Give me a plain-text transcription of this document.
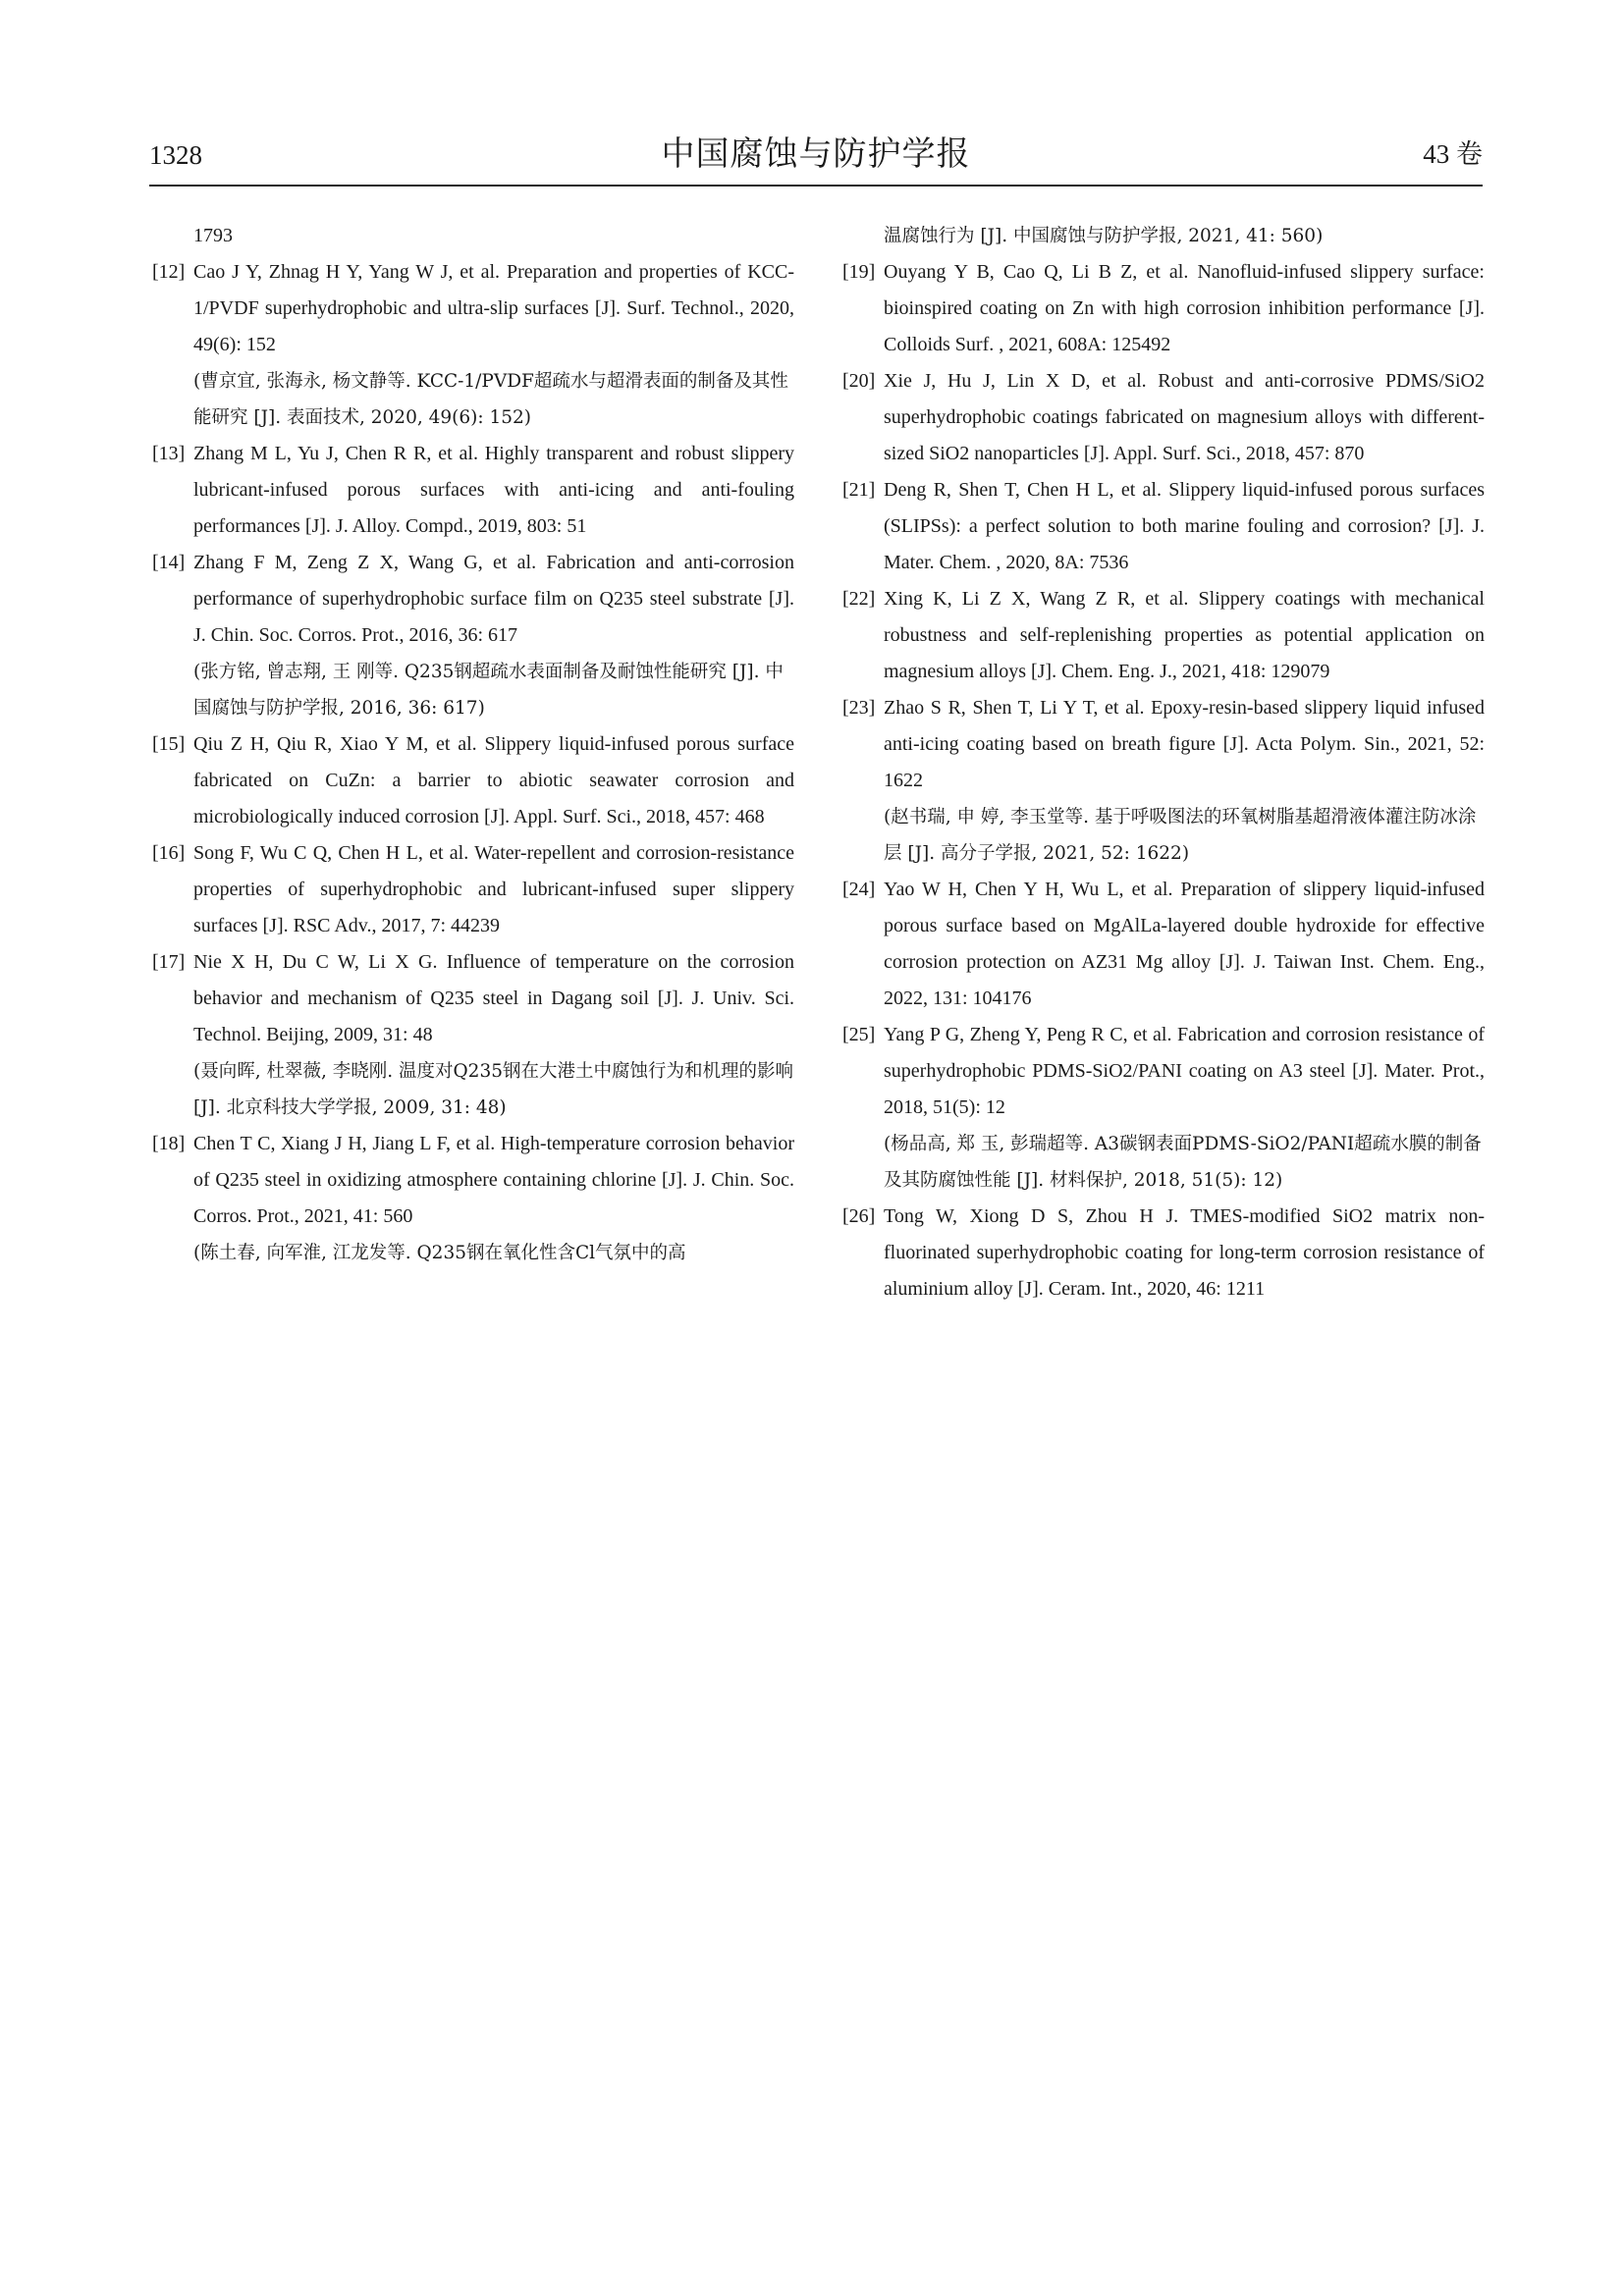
1328	中国腐蚀与防护学报	43 卷
1793
[12] Cao J Y, Zhnag H Y, Yang W J, et al. Preparation and properties of KCC-1/PVDF superhydrophobic and ultra-slip surfaces [J]. Surf. Technol., 2020, 49(6): 152
(曹京宜, 张海永, 杨文静等. KCC-1/PVDF超疏水与超滑表面的制备及其性能研究 [J]. 表面技术, 2020, 49(6): 152)
[13] Zhang M L, Yu J, Chen R R, et al. Highly transparent and robust slippery lubricant-infused porous surfaces with anti-icing and anti-fouling performances [J]. J. Alloy. Compd., 2019, 803: 51
[14] Zhang F M, Zeng Z X, Wang G, et al. Fabrication and anti-corrosion performance of superhydrophobic surface film on Q235 steel substrate [J]. J. Chin. Soc. Corros. Prot., 2016, 36: 617
(张方铭, 曾志翔, 王 刚等. Q235钢超疏水表面制备及耐蚀性能研究 [J]. 中国腐蚀与防护学报, 2016, 36: 617)
[15] Qiu Z H, Qiu R, Xiao Y M, et al. Slippery liquid-infused porous surface fabricated on CuZn: a barrier to abiotic seawater corrosion and microbiologically induced corrosion [J]. Appl. Surf. Sci., 2018, 457: 468
[16] Song F, Wu C Q, Chen H L, et al. Water-repellent and corrosion-resistance properties of superhydrophobic and lubricant-infused super slippery surfaces [J]. RSC Adv., 2017, 7: 44239
[17] Nie X H, Du C W, Li X G. Influence of temperature on the corrosion behavior and mechanism of Q235 steel in Dagang soil [J]. J. Univ. Sci. Technol. Beijing, 2009, 31: 48
(聂向晖, 杜翠薇, 李晓刚. 温度对Q235钢在大港土中腐蚀行为和机理的影响 [J]. 北京科技大学学报, 2009, 31: 48)
[18] Chen T C, Xiang J H, Jiang L F, et al. High-temperature corrosion behavior of Q235 steel in oxidizing atmosphere containing chlorine [J]. J. Chin. Soc. Corros. Prot., 2021, 41: 560
(陈土春, 向军淮, 江龙发等. Q235钢在氧化性含Cl气氛中的高
温腐蚀行为 [J]. 中国腐蚀与防护学报, 2021, 41: 560)
[19] Ouyang Y B, Cao Q, Li B Z, et al. Nanofluid-infused slippery surface: bioinspired coating on Zn with high corrosion inhibition performance [J]. Colloids Surf. , 2021, 608A: 125492
[20] Xie J, Hu J, Lin X D, et al. Robust and anti-corrosive PDMS/SiO2 superhydrophobic coatings fabricated on magnesium alloys with different-sized SiO2 nanoparticles [J]. Appl. Surf. Sci., 2018, 457: 870
[21] Deng R, Shen T, Chen H L, et al. Slippery liquid-infused porous surfaces (SLIPSs): a perfect solution to both marine fouling and corrosion? [J]. J. Mater. Chem. , 2020, 8A: 7536
[22] Xing K, Li Z X, Wang Z R, et al. Slippery coatings with mechanical robustness and self-replenishing properties as potential application on magnesium alloys [J]. Chem. Eng. J., 2021, 418: 129079
[23] Zhao S R, Shen T, Li Y T, et al. Epoxy-resin-based slippery liquid infused anti-icing coating based on breath figure [J]. Acta Polym. Sin., 2021, 52: 1622
(赵书瑞, 申 婷, 李玉堂等. 基于呼吸图法的环氧树脂基超滑液体灌注防冰涂层 [J]. 高分子学报, 2021, 52: 1622)
[24] Yao W H, Chen Y H, Wu L, et al. Preparation of slippery liquid-infused porous surface based on MgAlLa-layered double hydroxide for effective corrosion protection on AZ31 Mg alloy [J]. J. Taiwan Inst. Chem. Eng., 2022, 131: 104176
[25] Yang P G, Zheng Y, Peng R C, et al. Fabrication and corrosion resistance of superhydrophobic PDMS-SiO2/PANI coating on A3 steel [J]. Mater. Prot., 2018, 51(5): 12
(杨品高, 郑 玉, 彭瑞超等. A3碳钢表面PDMS-SiO2/PANI超疏水膜的制备及其防腐蚀性能 [J]. 材料保护, 2018, 51(5): 12)
[26] Tong W, Xiong D S, Zhou H J. TMES-modified SiO2 matrix non-fluorinated superhydrophobic coating for long-term corrosion resistance of aluminium alloy [J]. Ceram. Int., 2020, 46: 1211
